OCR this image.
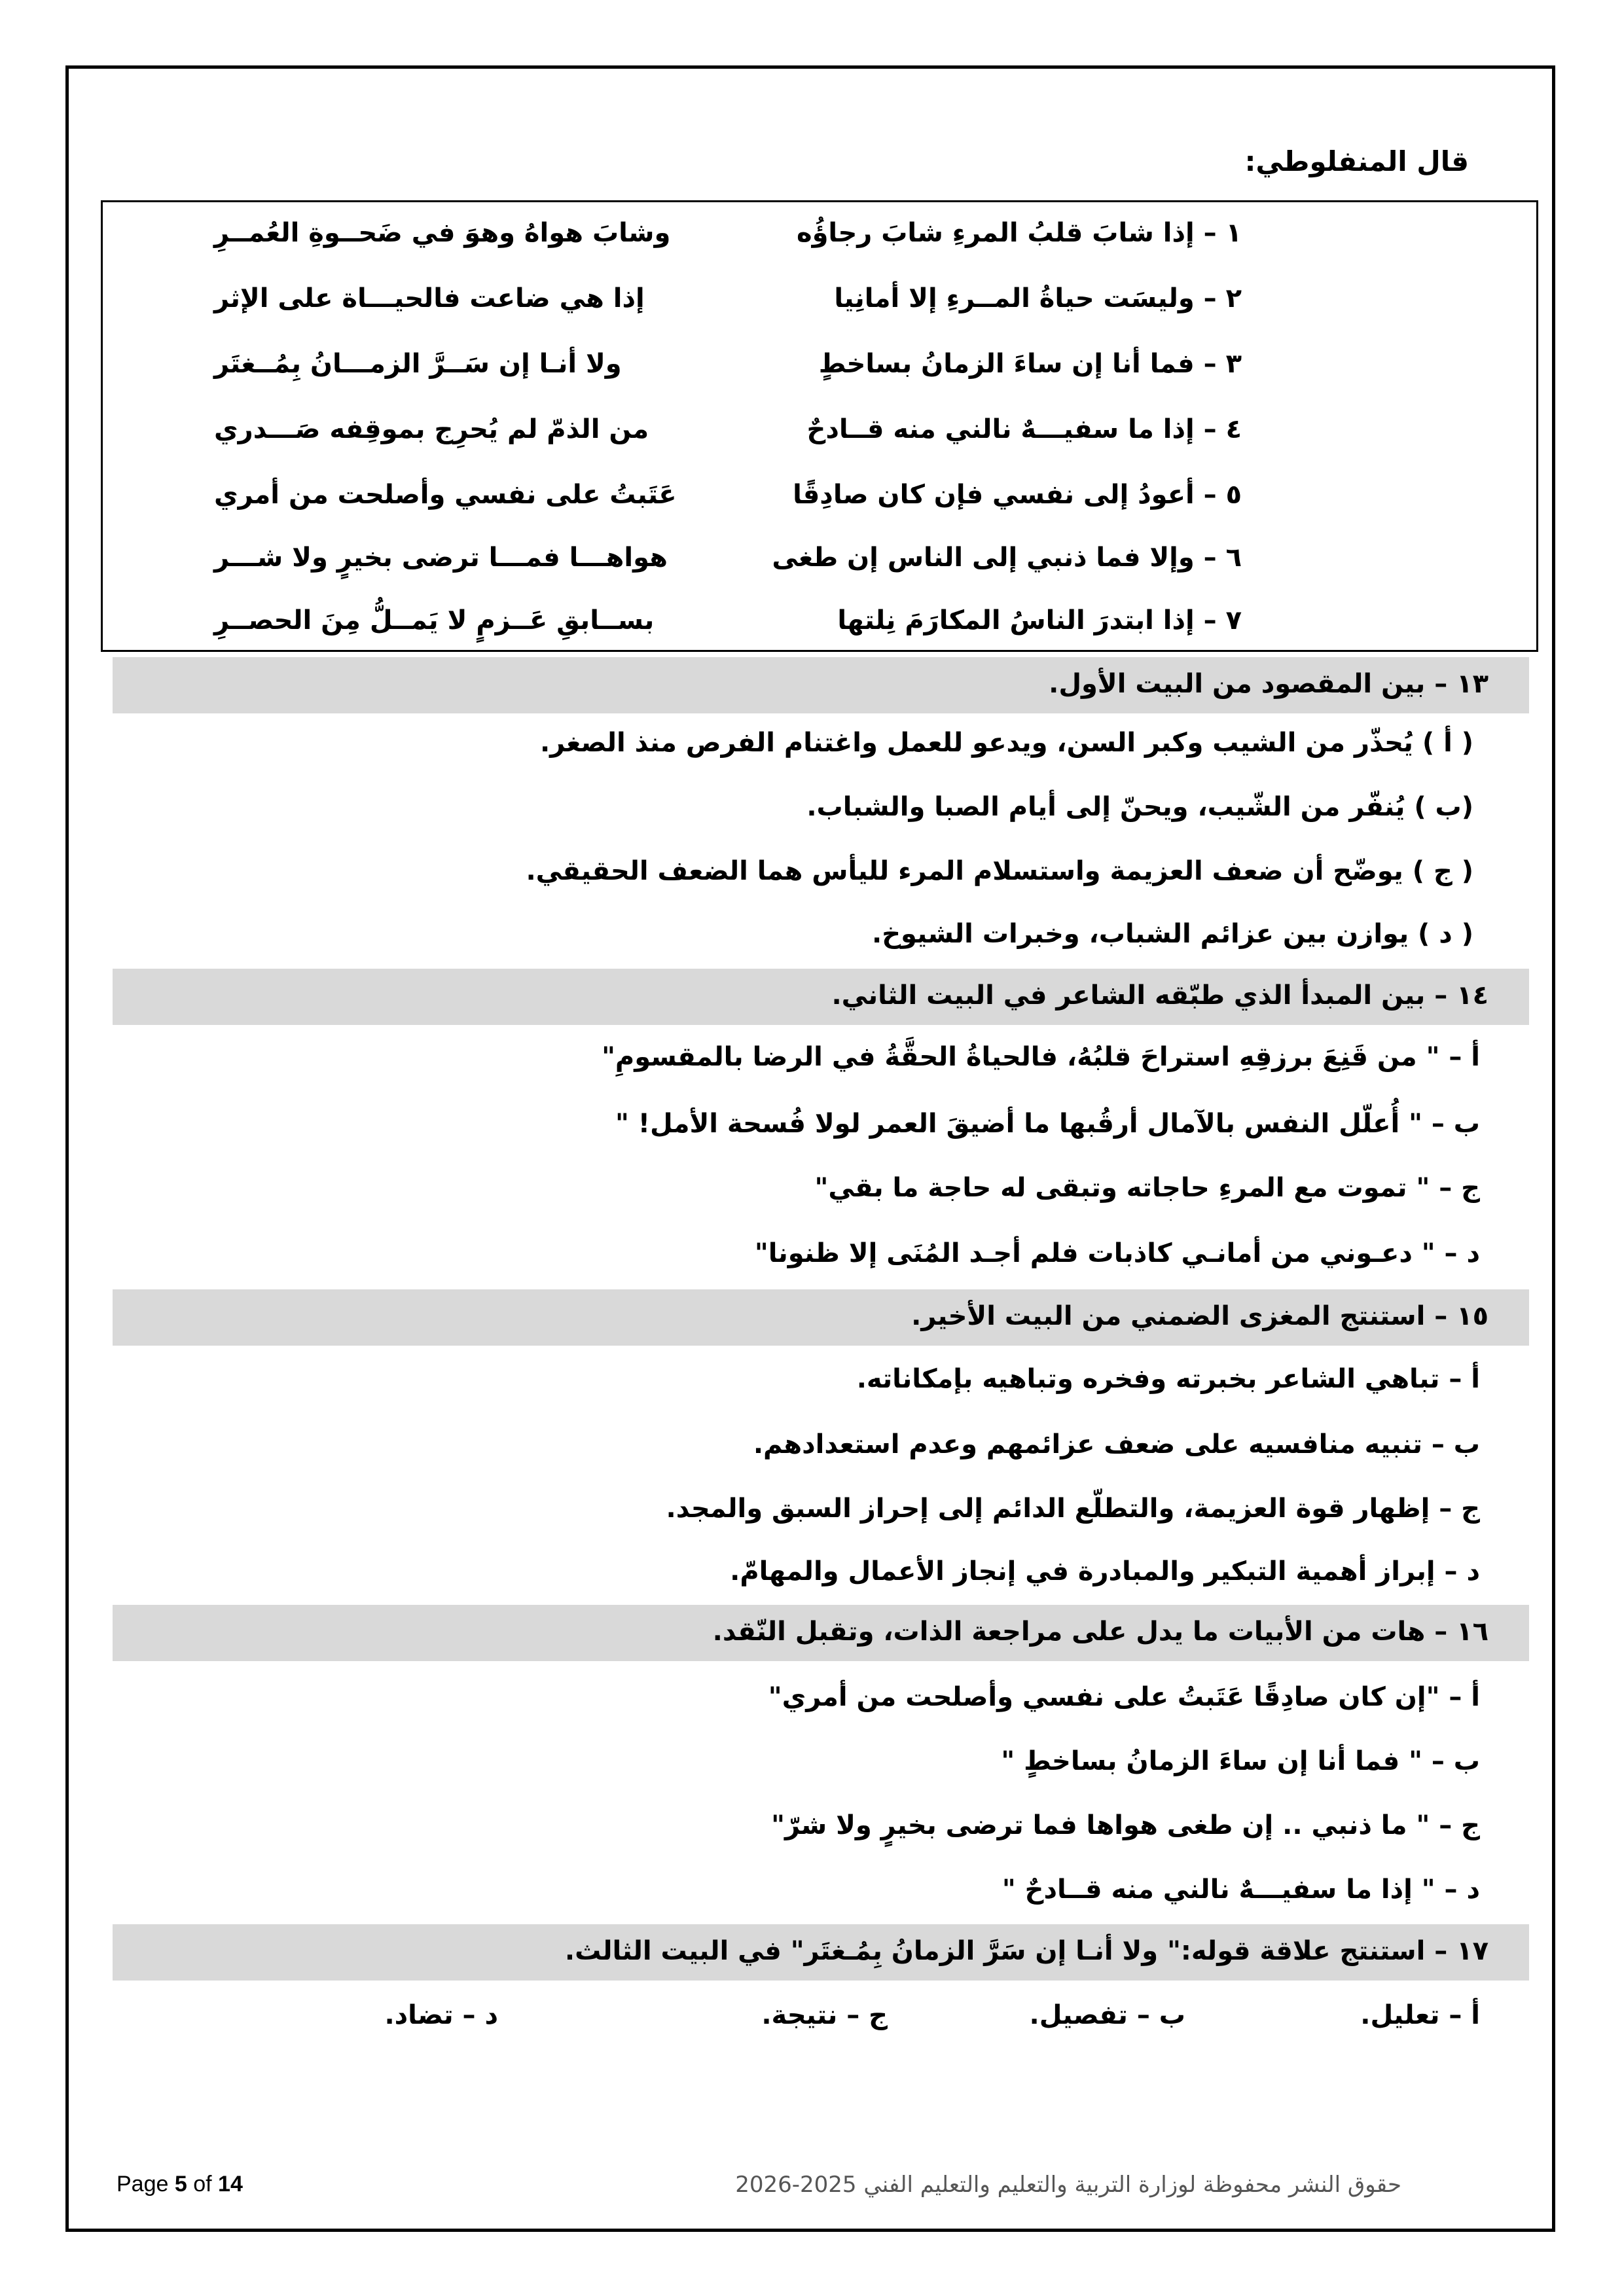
قال المنفلوطي:
١ – إذا شابَ قلبُ المرءِ شابَ رجاؤُه
وشابَ هواهُ وهوَ في ضَحــوةِ العُمــرِ
٢ – وليسَت حياةُ المــرءِ إلا أمانِيا
إذا هي ضاعت فالحيـــاة على الإثر
٣ – فما أنا إن ساءَ الزمانُ بساخطٍ
ولا أنـا إن سَــرَّ الزمـــانُ بِمُــغتَر
٤ – إذا ما سفيـــهٌ نالني منه قــادحٌ
من الذمّ لم يُحرِج بموقِفه صَـــدري
٥ – أعودُ إلى نفسي فإن كان صادِقًا
عَتَبتُ على نفسي وأصلحت من أمري
٦ – وإلا فما ذنبي إلى الناس إن طغى
هواهـــا فمـــا ترضى بخيرٍ ولا شـــر
٧ – إذا ابتدرَ الناسُ المكارَمَ نِلتها
بســابقِ عَــزمٍ لا يَمــلُّ مِنَ الحصــرِ
١٣ – بين المقصود من البيت الأول.
( أ ) يُحذّر من الشيب وكبر السن، ويدعو للعمل واغتنام الفرص منذ الصغر.
(ب ) يُنفّر من الشّيب، ويحنّ إلى أيام الصبا والشباب.
( ج ) يوضّح أن ضعف العزيمة واستسلام المرء لليأس هما الضعف الحقيقي.
( د ) يوازن بين عزائم الشباب، وخبرات الشيوخ.
١٤ – بين المبدأ الذي طبّقه الشاعر في البيت الثاني.
أ – " من قَنِعَ برزقِهِ استراحَ قلبُهُ، فالحياةُ الحقَّةُ في الرضا بالمقسومِ"
ب – " أُعلّل النفس بالآمال أرقُبها ما أضيقَ العمر لولا فُسحة الأمل! "
ج – " تموت مع المرءِ حاجاته وتبقى له حاجة ما بقي"
د – " دعـوني من أمانـي كاذبات فلم أجـد المُنَى إلا ظنونا"
١٥ – استنتج المغزى الضمني من البيت الأخير.
أ – تباهي الشاعر بخبرته وفخره وتباهيه بإمكاناته.
ب – تنبيه منافسيه على ضعف عزائمهم وعدم استعدادهم.
ج – إظهار قوة العزيمة، والتطلّع الدائم إلى إحراز السبق والمجد.
د – إبراز أهمية التبكير والمبادرة في إنجاز الأعمال والمهامّ.
١٦ – هات من الأبيات ما يدل على مراجعة الذات، وتقبل النّقد.
أ – "إن كان صادِقًا عَتَبتُ على نفسي وأصلحت من أمري"
ب – " فما أنا إن ساءَ الزمانُ بساخطٍ "
ج – " ما ذنبي .. إن طغى هواها فما ترضى بخيرٍ ولا شرّ"
د – " إذا ما سفيـــهٌ نالني منه قــادحٌ "
١٧ – استنتج علاقة قوله:" ولا أنـا إن سَرَّ الزمانُ بِمُـغتَر" في البيت الثالث.
أ – تعليل.
ب – تفصيل.
ج – نتيجة.
د – تضاد.
Page 5 of 14	حقوق النشر محفوظة لوزارة التربية والتعليم والتعليم الفني 2025-2026
